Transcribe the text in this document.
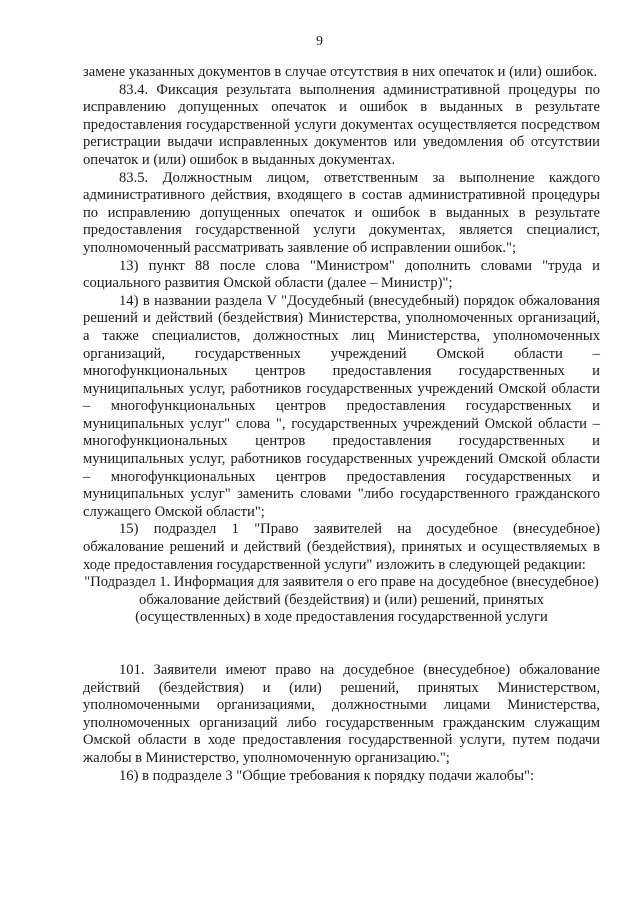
9

замене указанных документов в случае отсутствия в них опечаток и (или) ошибок.

83.4. Фиксация результата выполнения административной процедуры по исправлению допущенных опечаток и ошибок в выданных в результате предоставления государственной услуги документах осуществляется посредством регистрации выдачи исправленных документов или уведомления об отсутствии опечаток и (или) ошибок в выданных документах.

83.5. Должностным лицом, ответственным за выполнение каждого административного действия, входящего в состав административной процедуры по исправлению допущенных опечаток и ошибок в выданных в результате предоставления государственной услуги документах, является специалист, уполномоченный рассматривать заявление об исправлении ошибок.";

13) пункт 88 после слова "Министром" дополнить словами "труда и социального развития Омской области (далее – Министр)";

14) в названии раздела V "Досудебный (внесудебный) порядок обжалования решений и действий (бездействия) Министерства, уполномоченных организаций, а также специалистов, должностных лиц Министерства, уполномоченных организаций, государственных учреждений Омской области – многофункциональных центров предоставления государственных и муниципальных услуг, работников государственных учреждений Омской области – многофункциональных центров предоставления государственных и муниципальных услуг" слова ", государственных учреждений Омской области – многофункциональных центров предоставления государственных и муниципальных услуг, работников государственных учреждений Омской области – многофункциональных центров предоставления государственных и муниципальных услуг" заменить словами "либо государственного гражданского служащего Омской области";

15) подраздел 1 "Право заявителей на досудебное (внесудебное) обжалование решений и действий (бездействия), принятых и осуществляемых в ходе предоставления государственной услуги" изложить в следующей редакции:

"Подраздел 1. Информация для заявителя о его праве на досудебное (внесудебное) обжалование действий (бездействия) и (или) решений, принятых (осуществленных) в ходе предоставления государственной услуги

101. Заявители имеют право на досудебное (внесудебное) обжалование действий (бездействия) и (или) решений, принятых Министерством, уполномоченными организациями, должностными лицами Министерства, уполномоченных организаций либо государственным гражданским служащим Омской области в ходе предоставления государственной услуги, путем подачи жалобы в Министерство, уполномоченную организацию.";

16) в подразделе 3 "Общие требования к порядку подачи жалобы":
